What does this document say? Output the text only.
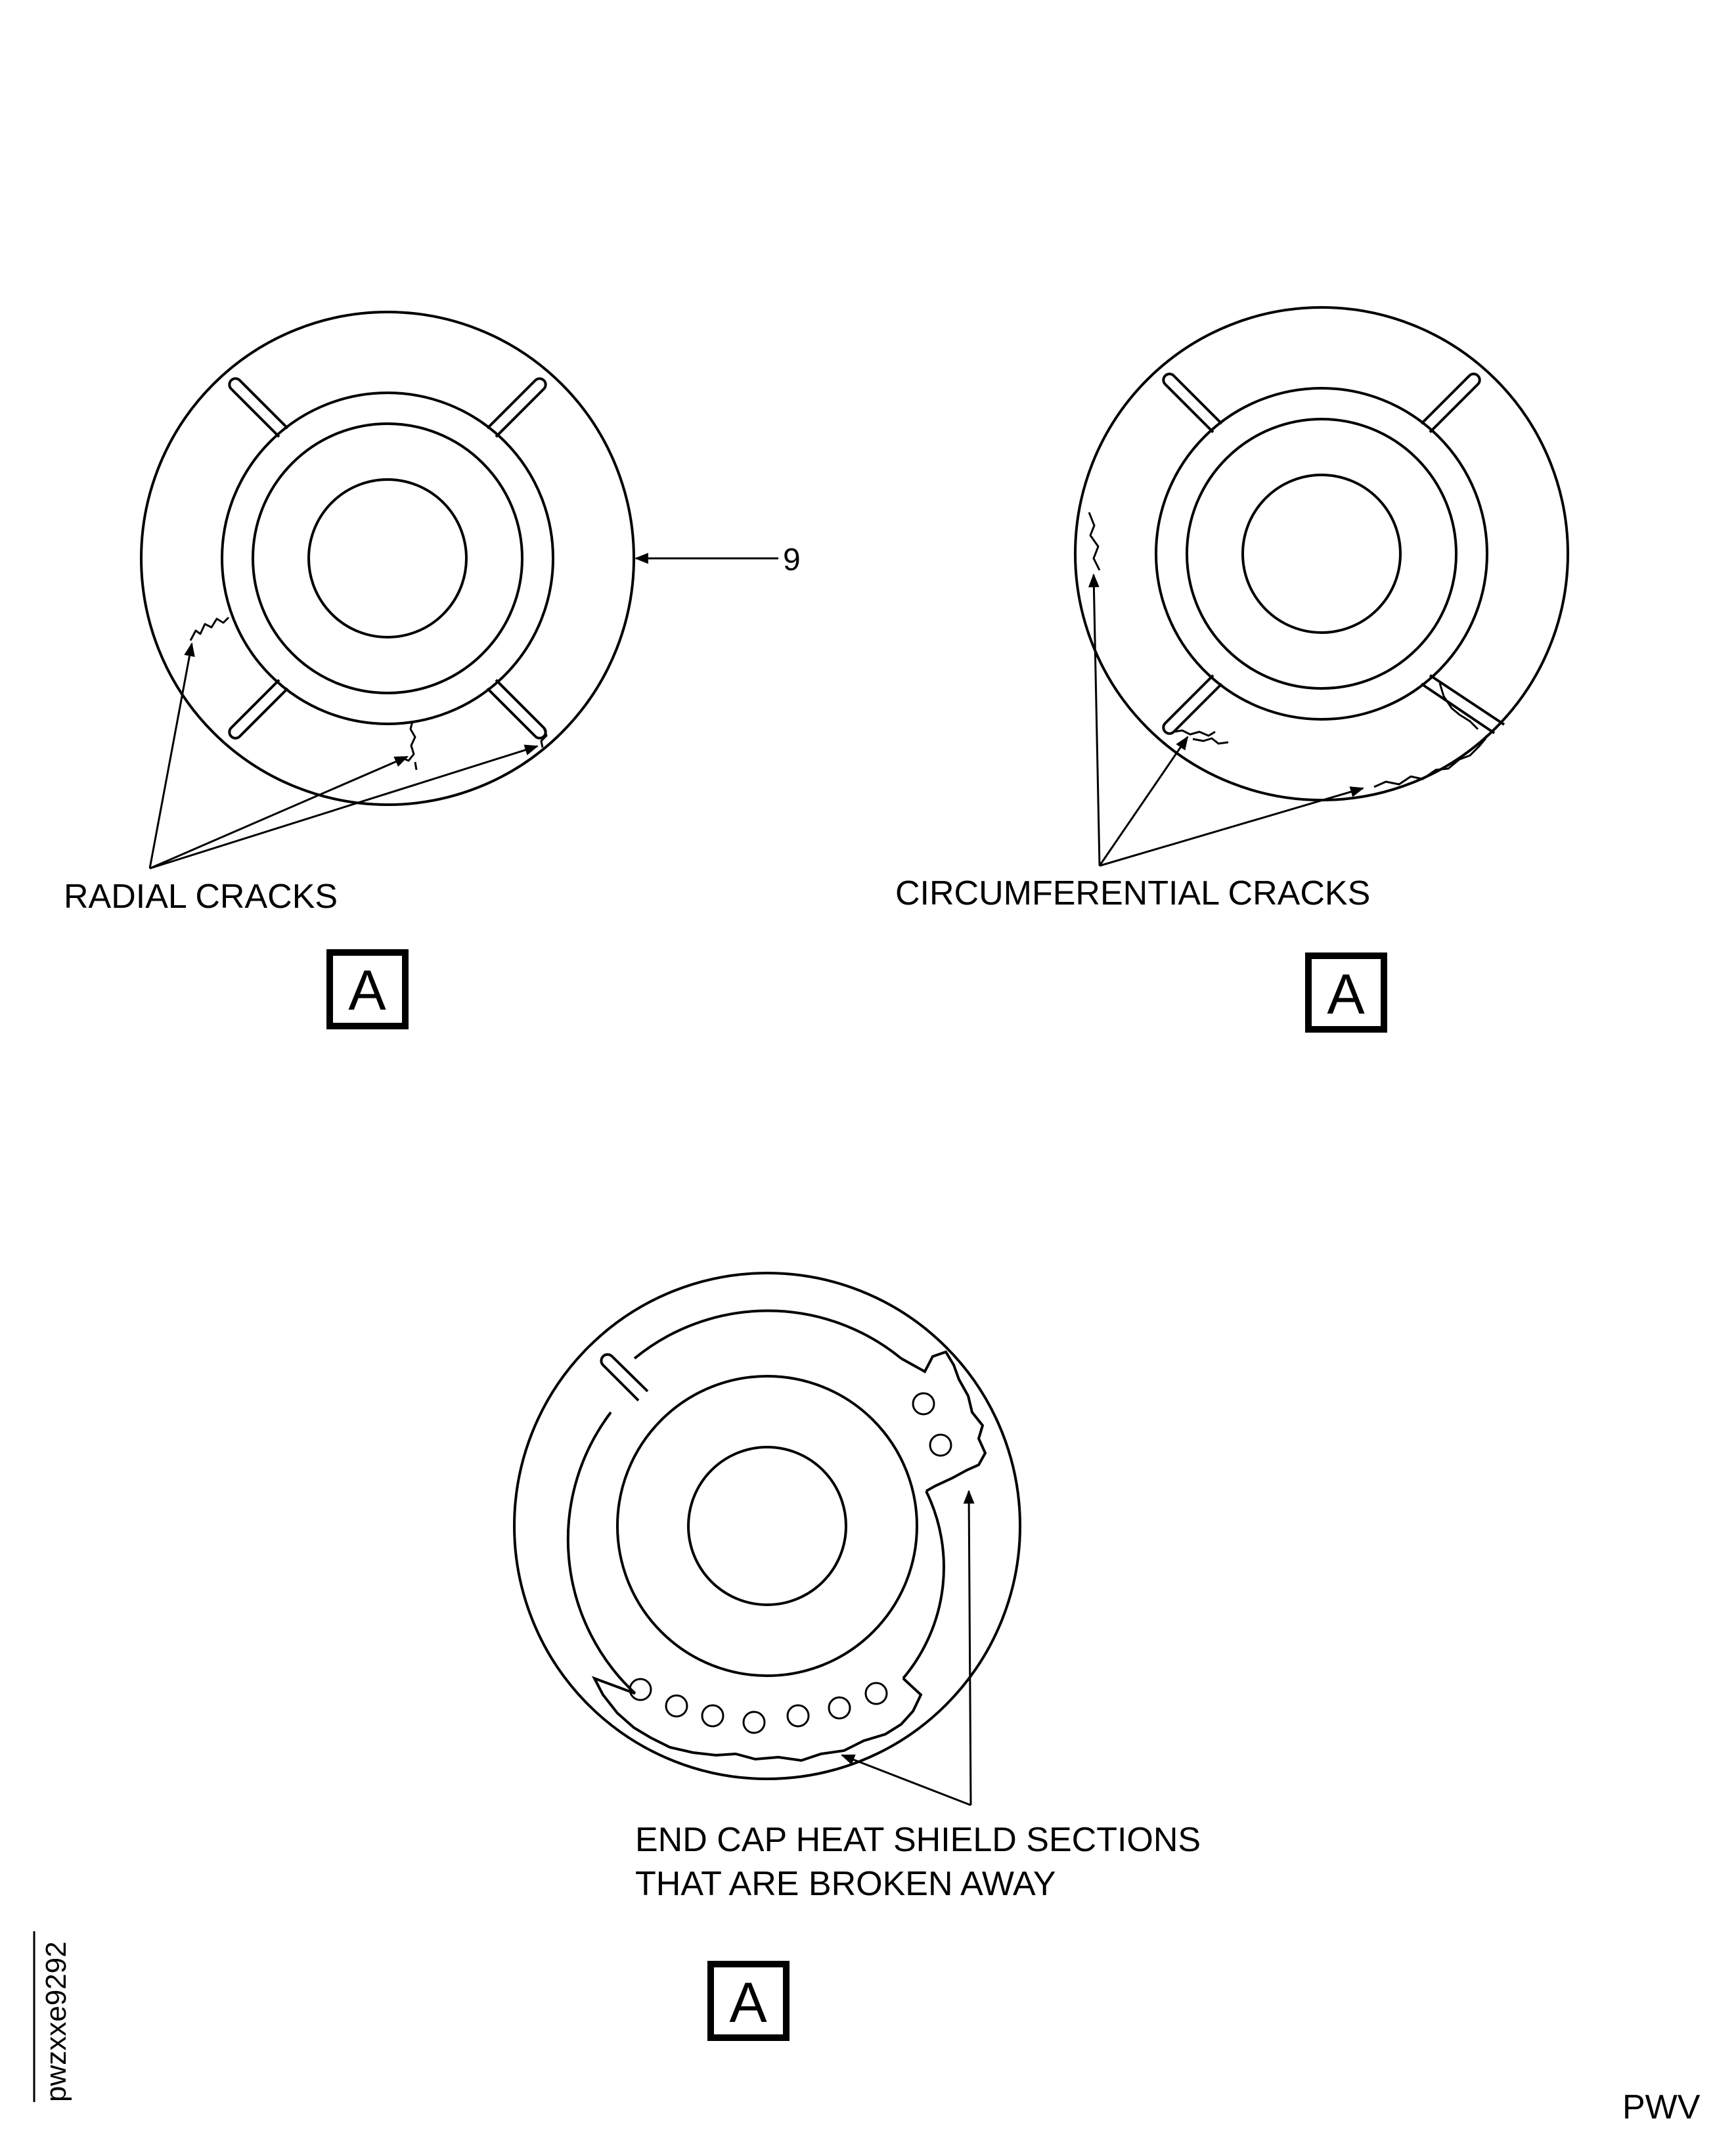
9
RADIAL CRACKS
A
CIRCUMFERENTIAL CRACKS
A
END CAP HEAT SHIELD SECTIONS
THAT ARE BROKEN AWAY
A
pwzxxe9292
PWV
